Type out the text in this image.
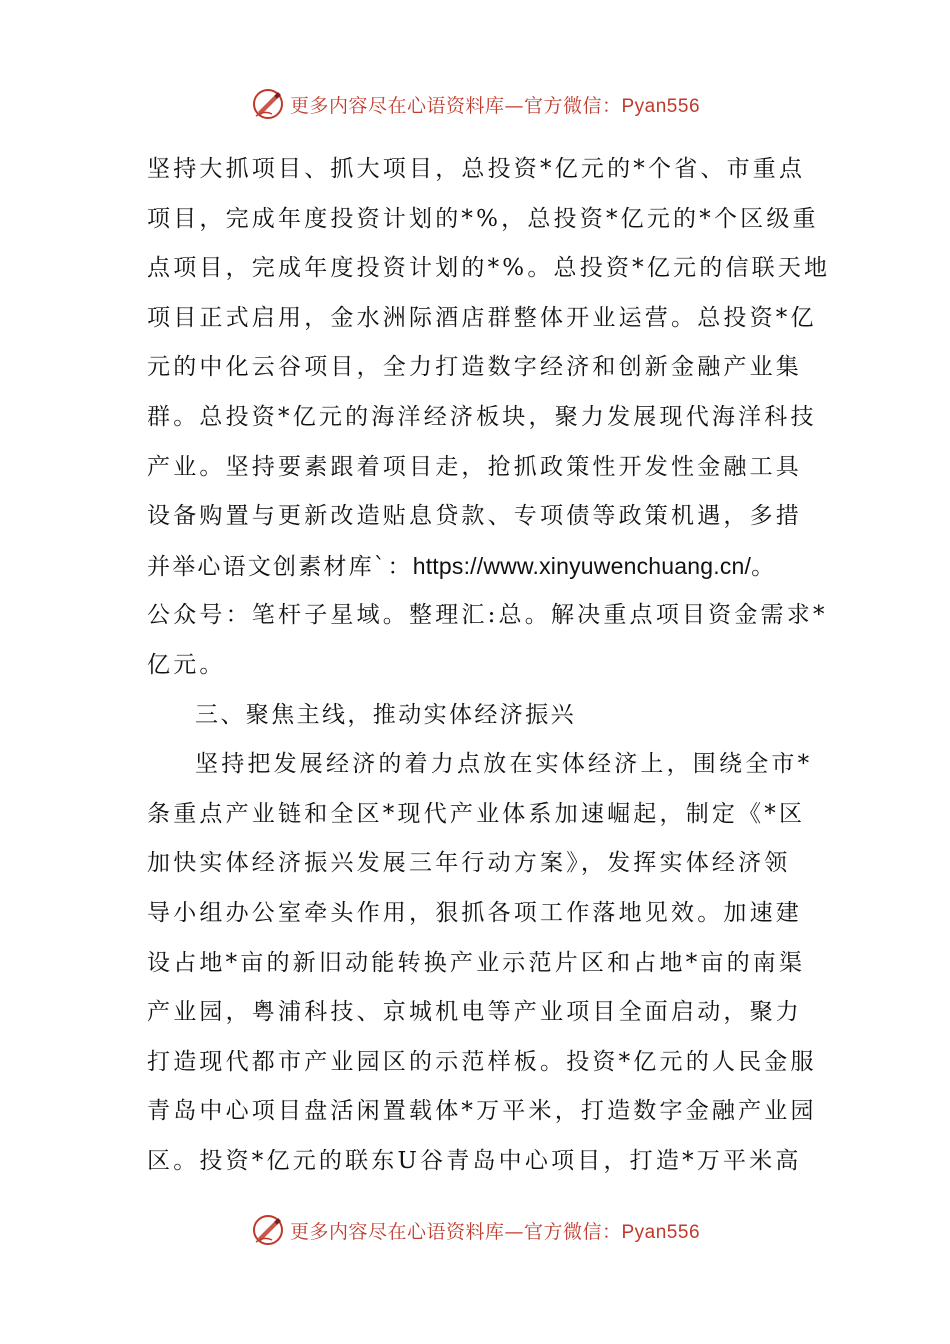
更多内容尽在心语资料库—官方微信：Pyan556
坚持大抓项目、抓大项目，总投资*亿元的*个省、市重点
项目，完成年度投资计划的*%，总投资*亿元的*个区级重
点项目，完成年度投资计划的*%。总投资*亿元的信联天地
项目正式启用，金水洲际酒店群整体开业运营。总投资*亿
元的中化云谷项目，全力打造数字经济和创新金融产业集
群。总投资*亿元的海洋经济板块，聚力发展现代海洋科技
产业。坚持要素跟着项目走，抢抓政策性开发性金融工具
设备购置与更新改造贴息贷款、专项债等政策机遇，多措
并举心语文创素材库`：https://www.xinyuwenchuang.cn/。
公众号：笔杆子星域。整理汇:总。解决重点项目资金需求*
亿元。
三、聚焦主线，推动实体经济振兴
坚持把发展经济的着力点放在实体经济上，围绕全市*
条重点产业链和全区*现代产业体系加速崛起，制定《*区
加快实体经济振兴发展三年行动方案》，发挥实体经济领
导小组办公室牵头作用，狠抓各项工作落地见效。加速建
设占地*亩的新旧动能转换产业示范片区和占地*亩的南渠
产业园，粤浦科技、京城机电等产业项目全面启动，聚力
打造现代都市产业园区的示范样板。投资*亿元的人民金服
青岛中心项目盘活闲置载体*万平米，打造数字金融产业园
区。投资*亿元的联东U谷青岛中心项目，打造*万平米高
更多内容尽在心语资料库—官方微信：Pyan556
